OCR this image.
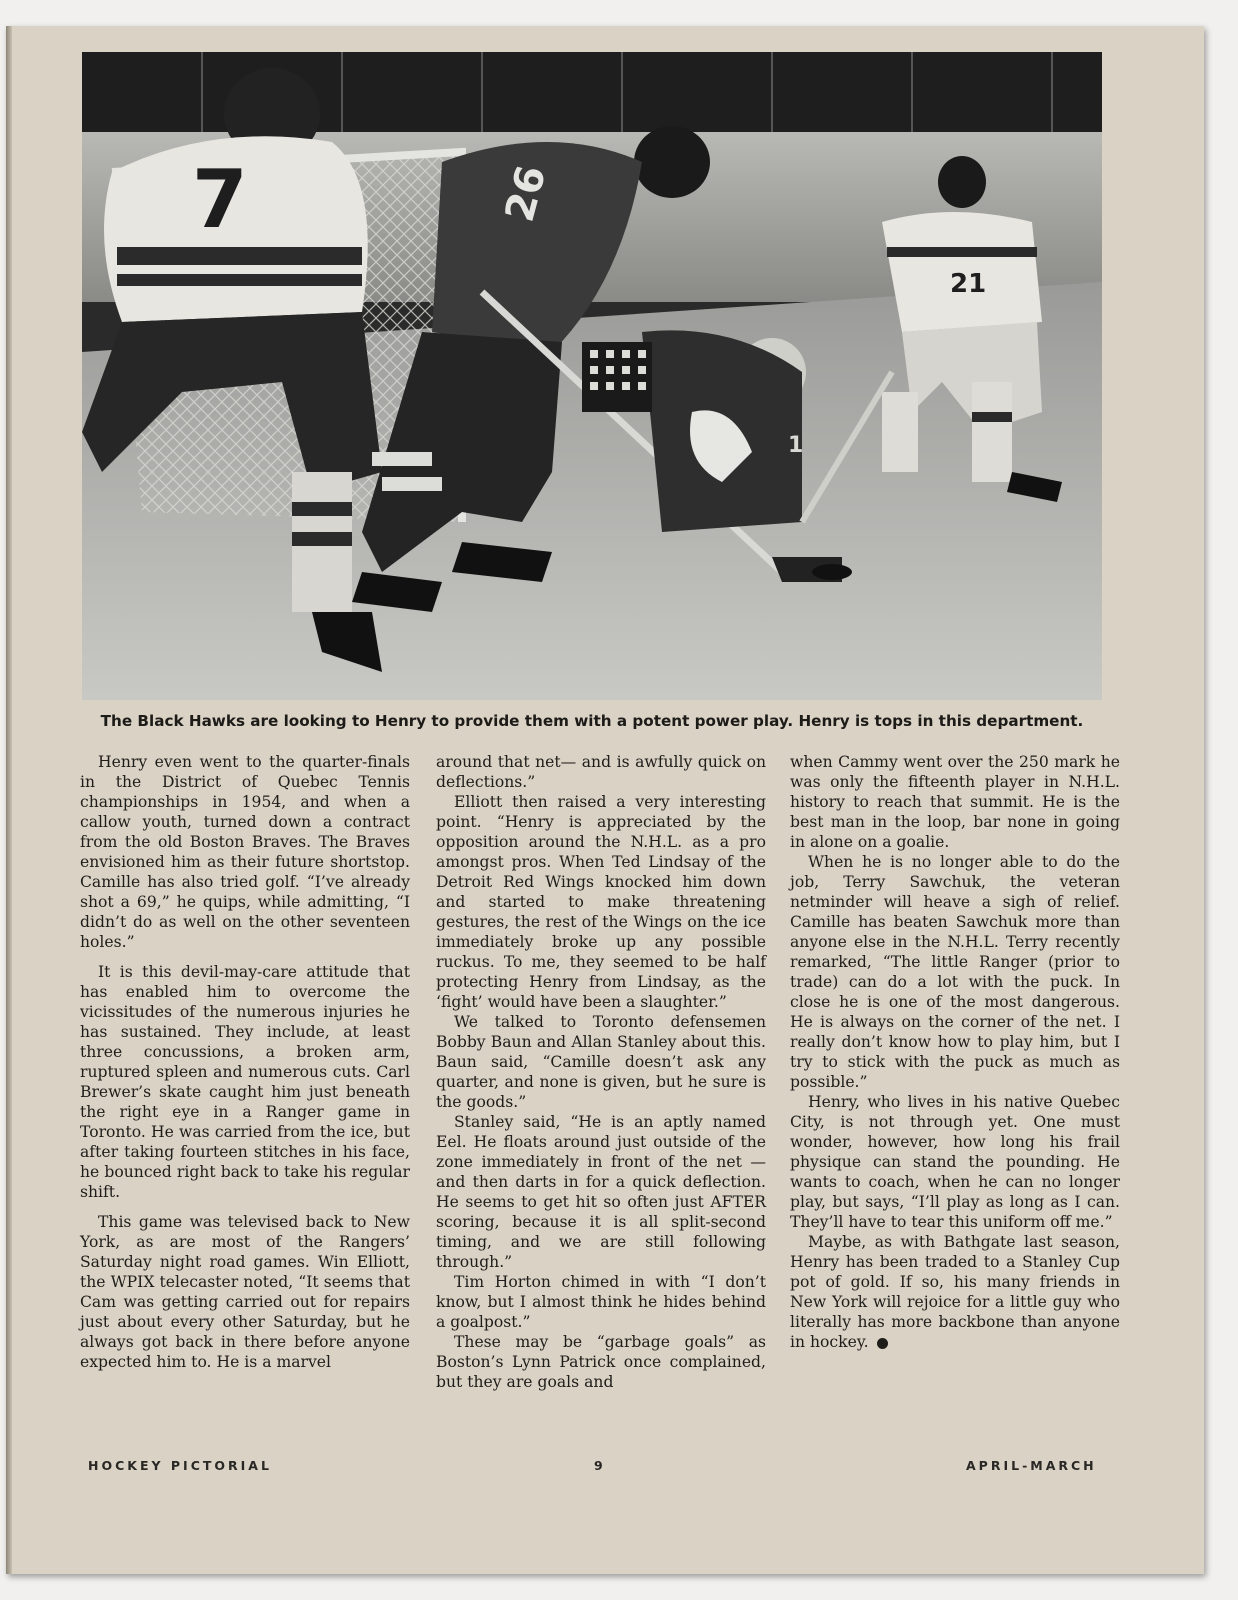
7	26
1
21
The Black Hawks are looking to Henry to provide them with a potent power play. Henry is tops in this department.

Henry even went to the quarter-finals in the District of Quebec Tennis championships in 1954, and when a callow youth, turned down a contract from the old Boston Braves. The Braves envisioned him as their future shortstop. Camille has also tried golf. “I’ve already shot a 69,” he quips, while admitting, “I didn’t do as well on the other seventeen holes.”

It is this devil-may-care attitude that has enabled him to overcome the vicissitudes of the numerous injuries he has sustained. They include, at least three concussions, a broken arm, ruptured spleen and numerous cuts. Carl Brewer’s skate caught him just beneath the right eye in a Ranger game in Toronto. He was carried from the ice, but after taking fourteen stitches in his face, he bounced right back to take his regular shift.

This game was televised back to New York, as are most of the Rangers’ Saturday night road games. Win Elliott, the WPIX telecaster noted, “It seems that Cam was getting carried out for repairs just about every other Saturday, but he always got back in there before anyone expected him to. He is a marvel

around that net— and is awfully quick on deflections.”

Elliott then raised a very interesting point. “Henry is appreciated by the opposition around the N.H.L. as a pro amongst pros. When Ted Lindsay of the Detroit Red Wings knocked him down and started to make threatening gestures, the rest of the Wings on the ice immediately broke up any possible ruckus. To me, they seemed to be half protecting Henry from Lindsay, as the ‘fight’ would have been a slaughter.”

We talked to Toronto defensemen Bobby Baun and Allan Stanley about this. Baun said, “Camille doesn’t ask any quarter, and none is given, but he sure is the goods.”

Stanley said, “He is an aptly named Eel. He floats around just outside of the zone immediately in front of the net — and then darts in for a quick deflection. He seems to get hit so often just AFTER scoring, because it is all split-second timing, and we are still following through.”

Tim Horton chimed in with “I don’t know, but I almost think he hides behind a goalpost.”

These may be “garbage goals” as Boston’s Lynn Patrick once complained, but they are goals and

when Cammy went over the 250 mark he was only the fifteenth player in N.H.L. history to reach that summit. He is the best man in the loop, bar none in going in alone on a goalie.

When he is no longer able to do the job, Terry Sawchuk, the veteran netminder will heave a sigh of relief. Camille has beaten Sawchuk more than anyone else in the N.H.L. Terry recently remarked, “The little Ranger (prior to trade) can do a lot with the puck. In close he is one of the most dangerous. He is always on the corner of the net. I really don’t know how to play him, but I try to stick with the puck as much as possible.”

Henry, who lives in his native Quebec City, is not through yet. One must wonder, however, how long his frail physique can stand the pounding. He wants to coach, when he can no longer play, but says, “I’ll play as long as I can. They’ll have to tear this uniform off me.”

Maybe, as with Bathgate last season, Henry has been traded to a Stanley Cup pot of gold. If so, his many friends in New York will rejoice for a little guy who literally has more backbone than anyone in hockey.

HOCKEY PICTORIAL	9	APRIL-MARCH
